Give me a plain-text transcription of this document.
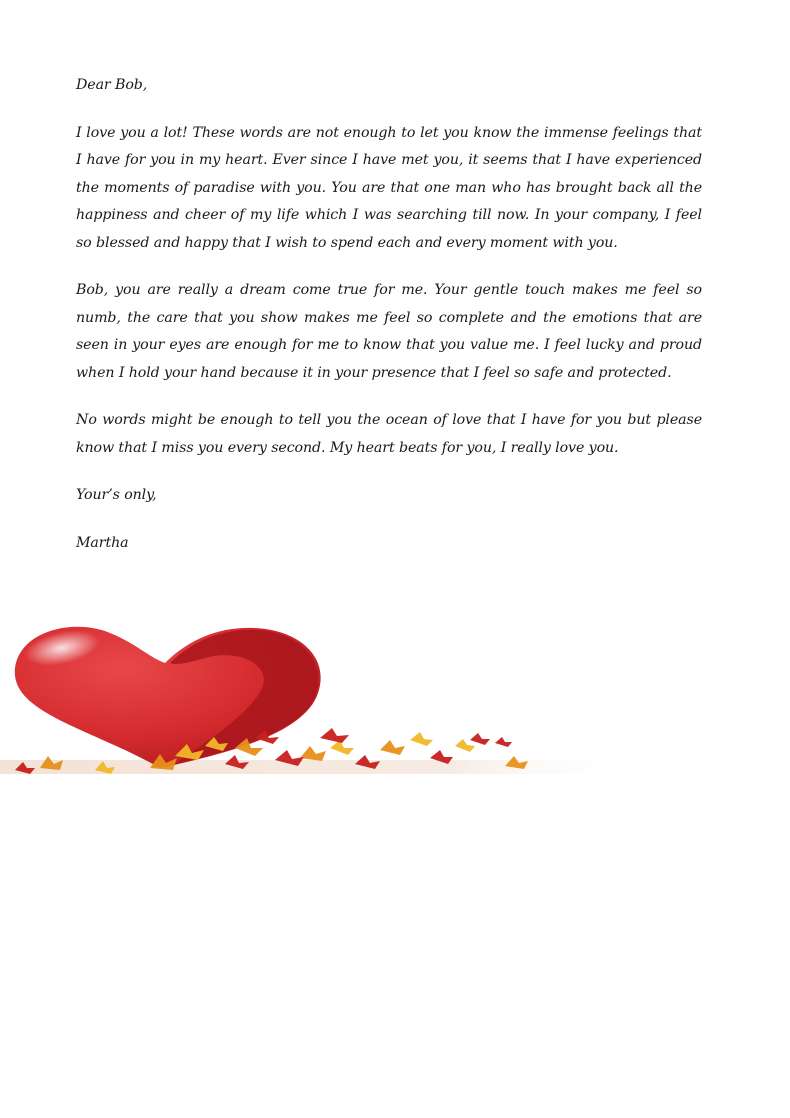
Dear Bob,

I love you a lot! These words are not enough to let you know the immense feelings that I have for you in my heart. Ever since I have met you, it seems that I have experienced the moments of paradise with you. You are that one man who has brought back all the happiness and cheer of my life which I was searching till now. In your company, I feel so blessed and happy that I wish to spend each and every moment with you.

Bob, you are really a dream come true for me. Your gentle touch makes me feel so numb, the care that you show makes me feel so complete and the emotions that are seen in your eyes are enough for me to know that you value me. I feel lucky and proud when I hold your hand because it in your presence that I feel so safe and protected.

No words might be enough to tell you the ocean of love that I have for you but please know that I miss you every second. My heart beats for you, I really love you.

Your’s only,

Martha
